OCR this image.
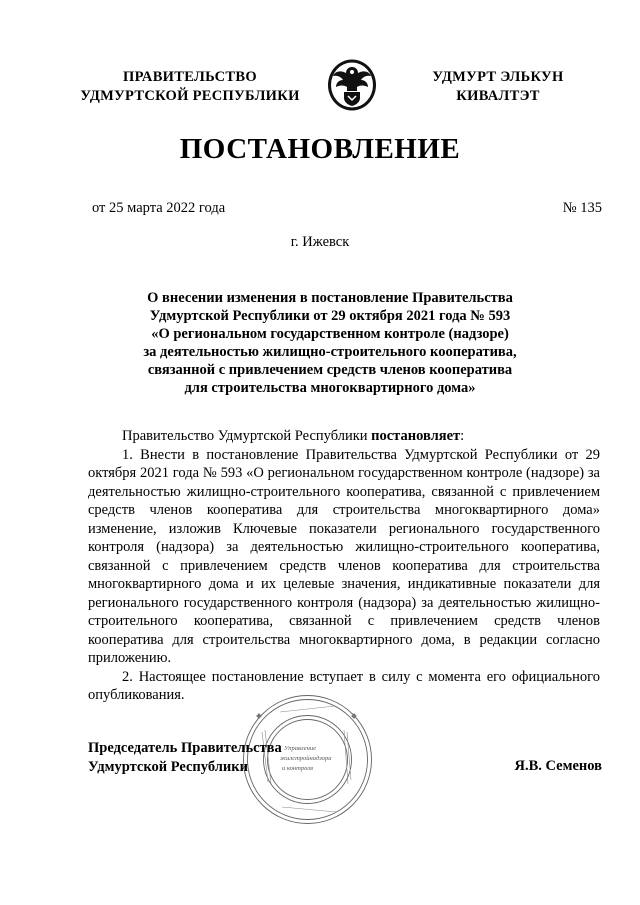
ПРАВИТЕЛЬСТВО
УДМУРТСКОЙ РЕСПУБЛИКИ
УДМУРТ ЭЛЬКУН
КИВАЛТЭТ
ПОСТАНОВЛЕНИЕ
от 25 марта 2022 года	№ 135
г. Ижевск
О внесении изменения в постановление Правительства
Удмуртской Республики от 29 октября 2021 года № 593
«О региональном государственном контроле (надзоре)
за деятельностью жилищно-строительного кооператива,
связанной с привлечением средств членов кооператива
для строительства многоквартирного дома»

Правительство Удмуртской Республики постановляет:

1. Внести в постановление Правительства Удмуртской Республики от 29 октября 2021 года № 593 «О региональном государственном контроле (надзоре) за деятельностью жилищно-строительного кооператива, связанной с привлечением средств членов кооператива для строительства многоквартирного дома» изменение, изложив Ключевые показатели регионального государственного контроля (надзора) за деятельностью жилищно-строительного кооператива, связанной с привлечением средств членов кооператива для строительства многоквартирного дома и их целевые значения, индикативные показатели для регионального государственного контроля (надзора) за деятельностью жилищно-строительного кооператива, связанной с привлечением средств членов кооператива для строительства многоквартирного дома, в редакции согласно приложению.

2. Настоящее постановление вступает в силу с момента его официального опубликования.

Управление
жилстройнадзора
и контроля
Председатель Правительства
Удмуртской Республики	Я.В. Семенов
